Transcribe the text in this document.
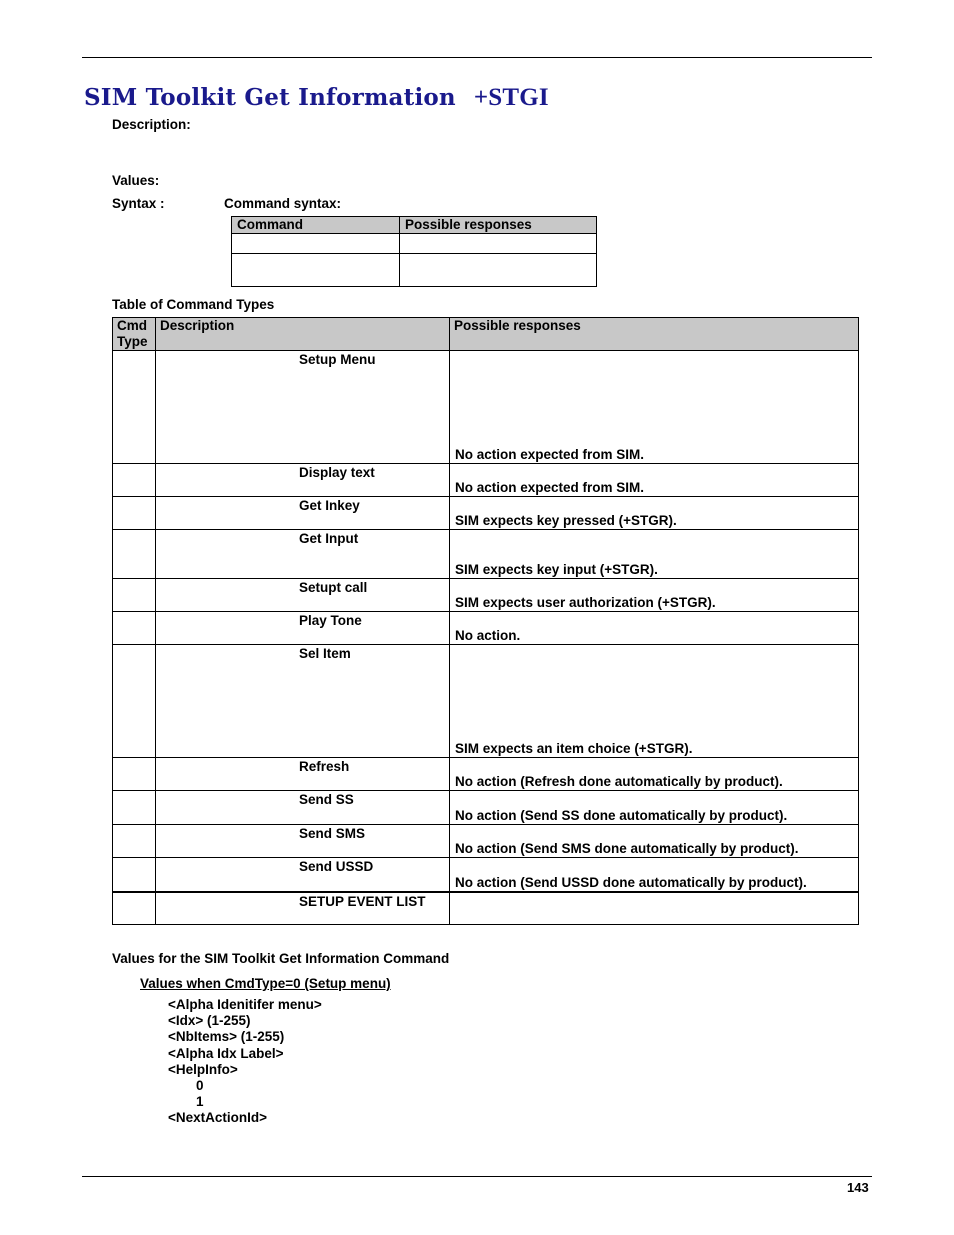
SIM Toolkit Get Information +STGI
Description:
Values:
Syntax :	Command syntax:
Command	Possible responses

Table of Command Types
Cmd Type	Description	Possible responses

	Setup Menu	No action expected from SIM.

	Display text	No action expected from SIM.

	Get Inkey	SIM expects key pressed (+STGR).

	Get Input	SIM expects key input (+STGR).

	Setupt call	SIM expects user authorization (+STGR).

	Play Tone	No action.

	Sel Item	SIM expects an item choice (+STGR).

	Refresh	No action (Refresh done automatically by product).

	Send SS	No action (Send SS done automatically by product).

	Send SMS	No action (Send SMS done automatically by product).

	Send USSD	No action (Send USSD done automatically by product).

	SETUP EVENT LIST	

Values for the SIM Toolkit Get Information Command
Values when CmdType=0 (Setup menu)
<Alpha Idenitifer menu>
<Idx> (1-255)
<NbItems> (1-255)
<Alpha Idx Label>
<HelpInfo>
0
1
<NextActionId>
143
